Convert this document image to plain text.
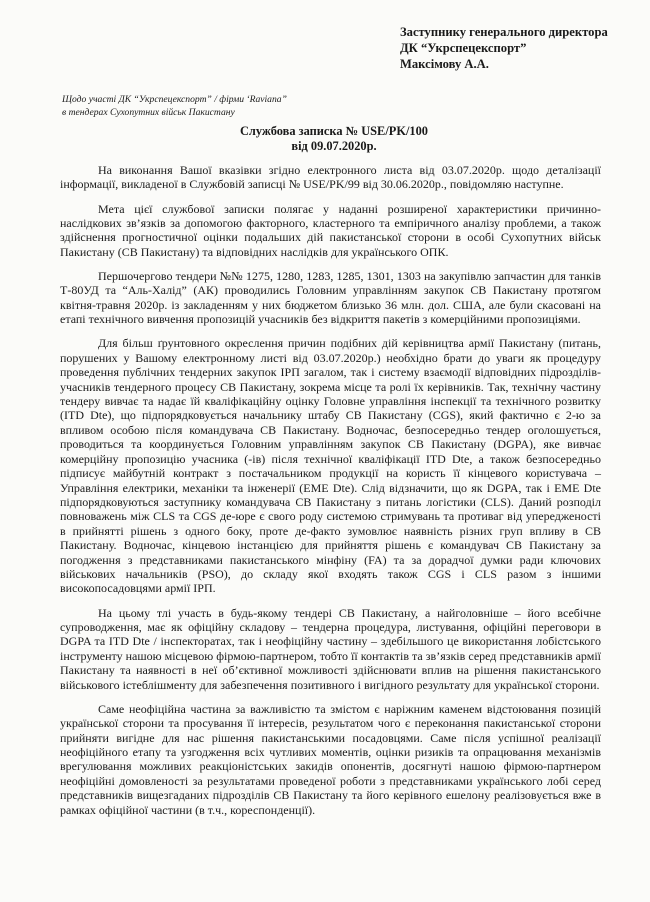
Заступнику генерального директора
ДК “Укрспецекспорт”
Максімову А.А.
Щодо участі ДК “Укрспецекспорт” / фірми ‘Raviana”
в тендерах Сухопутних військ Пакистану
Службова записка № USE/PK/100
від 09.07.2020р.

На виконання Вашої вказівки згідно електронного листа від 03.07.2020р. щодо деталізації інформації, викладеної в Службовій записці № USE/PK/99 від 30.06.2020р., повідомляю наступне.

Мета цієї службової записки полягає у наданні розширеної характеристики причинно-наслідкових зв’язків за допомогою факторного, кластерного та емпіричного аналізу проблеми, а також здійснення прогностичної оцінки подальших дій пакистанської сторони в особі Сухопутних військ Пакистану (СВ Пакистану) та відповідних наслідків для українського ОПК.

Першочергово тендери №№ 1275, 1280, 1283, 1285, 1301, 1303 на закупівлю запчастин для танків Т-80УД та “Аль-Халід” (АК) проводились Головним управлінням закупок СВ Пакистану протягом квітня-травня 2020р. із закладенням у них бюджетом близько 36 млн. дол. США, але були скасовані на етапі технічного вивчення пропозицій учасників без відкриття пакетів з комерційними пропозиціями.

Для більш ґрунтовного окреслення причин подібних дій керівництва армії Пакистану (питань, порушених у Вашому електронному листі від 03.07.2020р.) необхідно брати до уваги як процедуру проведення публічних тендерних закупок ІРП загалом, так і систему взаємодії відповідних підрозділів-учасників тендерного процесу СВ Пакистану, зокрема місце та ролі їх керівників. Так, технічну частину тендеру вивчає та надає їй кваліфікаційну оцінку Головне управління інспекції та технічного розвитку (ITD Dte), що підпорядковується начальнику штабу СВ Пакистану (CGS), який фактично є 2-ю за впливом особою після командувача СВ Пакистану. Водночас, безпосередньо тендер оголошується, проводиться та координується Головним управлінням закупок СВ Пакистану (DGPA), яке вивчає комерційну пропозицію учасника (-ів) після технічної кваліфікації ITD Dte, а також безпосередньо підписує майбутній контракт з постачальником продукції на користь її кінцевого користувача –Управління електрики, механіки та інженерії (EME Dte). Слід відзначити, що як DGPA, так і EME Dte підпорядковуються заступнику командувача СВ Пакистану з питань логістики (CLS). Даний розподіл повноважень між CLS та CGS де-юре є свого роду системою стримувань та противаг від упередженості в прийнятті рішень з одного боку, проте де-факто зумовлює наявність різних груп впливу в СВ Пакистану. Водночас, кінцевою інстанцією для прийняття рішень є командувач СВ Пакистану за погодження з представниками пакистанського мінфіну (FA) та за дорадчої думки ради ключових військових начальників (PSO), до складу якої входять також CGS і CLS разом з іншими високопосадовцями армії ІРП.

На цьому тлі участь в будь-якому тендері СВ Пакистану, а найголовніше – його всебічне супроводження, має як офіційну складову – тендерна процедура, листування, офіційні переговори в DGPA та ITD Dte / інспекторатах, так і неофіційну частину – здебільшого це використання лобістського інструменту нашою місцевою фірмою-партнером, тобто її контактів та зв’язків серед представників армії Пакистану та наявності в неї об’єктивної можливості здійснювати вплив на рішення пакистанського військового істеблішменту для забезпечення позитивного і вигідного результату для української сторони.

Саме неофіційна частина за важливістю та змістом є наріжним каменем відстоювання позицій української сторони та просування її інтересів, результатом чого є переконання пакистанської сторони прийняти вигідне для нас рішення пакистанськими посадовцями. Саме після успішної реалізації неофіційного етапу та узгодження всіх чутливих моментів, оцінки ризиків та опрацювання механізмів врегулювання можливих реакціоністських закидів опонентів, досягнуті нашою фірмою-партнером неофіційні домовленості за результатами проведеної роботи з представниками українського лобі серед представників вищезгаданих підрозділів СВ Пакистану та його керівного ешелону реалізовується вже в рамках офіційної частини (в т.ч., кореспонденції).
